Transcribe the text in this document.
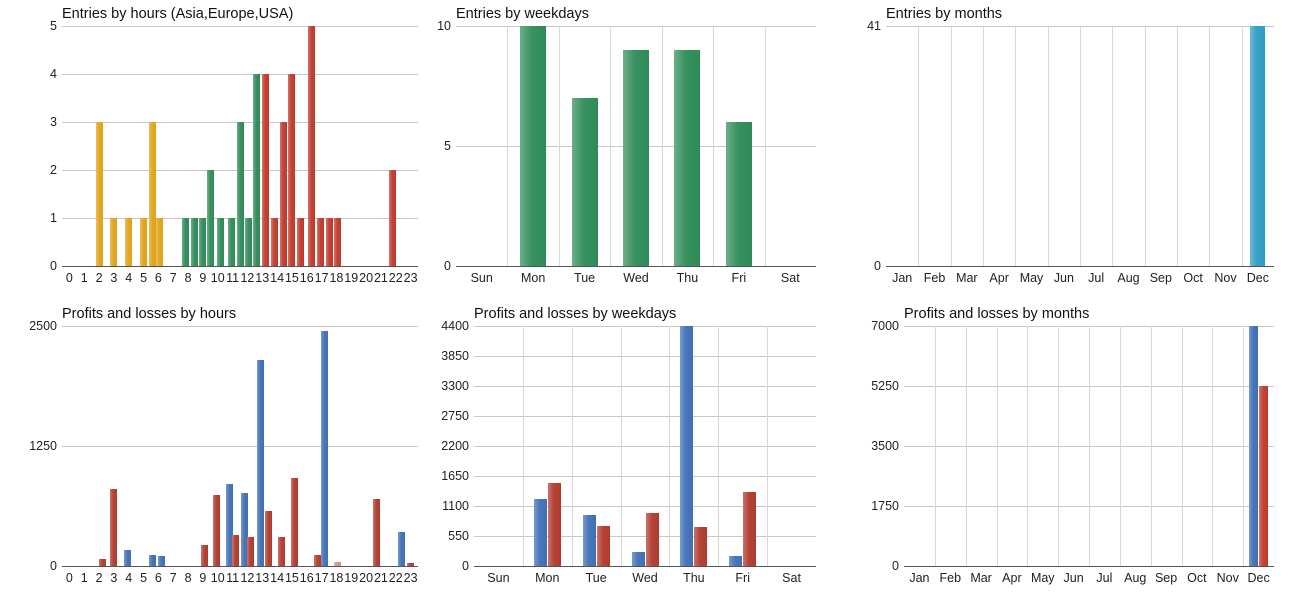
Entries by hours (Asia,Europe,USA)
0
1
2
3
4
5
0 1 2 3 4 5 6 7 8 9 10 11 12 13 14 15 16 17 18 19 20 21 22 23
Entries by weekdays
0
5
10
Sun Mon Tue Wed Thu	Fri	Sat
Entries by months
0
41
Jan Feb Mar Apr May Jun Jul Aug Sep Oct Nov Dec
Profits and losses by hours
0
1250
2500
0 1 2 3 4 5 6 7 8 9 10 11 12 13 14 15 16 17 18 19 20 21 22 23
Profits and losses by weekdays
0
550
1100
1650
2200
2750
3300
3850
4400
Sun Mon Tue Wed Thu Fri	Sat
Profits and losses by months
0
1750
3500
5250
7000
Jan Feb Mar Apr May Jun Jul Aug Sep Oct Nov Dec
